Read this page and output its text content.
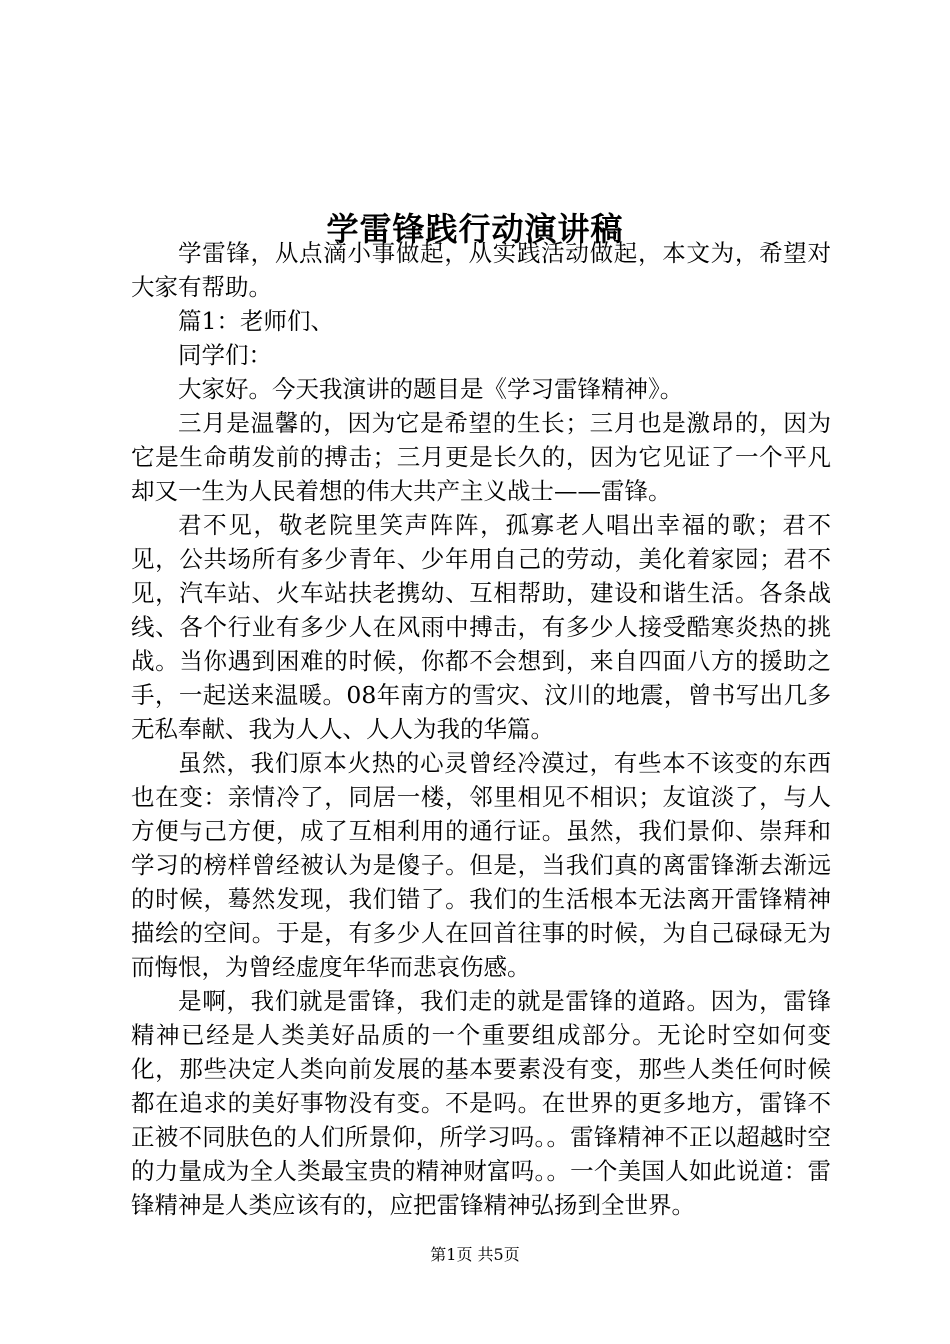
学雷锋践行动演讲稿

学雷锋，从点滴小事做起，从实践活动做起，本文为，希望对大家有帮助。

篇1：老师们、

同学们：

大家好。今天我演讲的题目是《学习雷锋精神》。

三月是温馨的，因为它是希望的生长；三月也是激昂的，因为它是生命萌发前的搏击；三月更是长久的，因为它见证了一个平凡却又一生为人民着想的伟大共产主义战士——雷锋。

君不见，敬老院里笑声阵阵，孤寡老人唱出幸福的歌；君不见，公共场所有多少青年、少年用自己的劳动，美化着家园；君不见，汽车站、火车站扶老携幼、互相帮助，建设和谐生活。各条战线、各个行业有多少人在风雨中搏击，有多少人接受酷寒炎热的挑战。当你遇到困难的时候，你都不会想到，来自四面八方的援助之手，一起送来温暖。08年南方的雪灾、汶川的地震，曾书写出几多无私奉献、我为人人、人人为我的华篇。

虽然，我们原本火热的心灵曾经冷漠过，有些本不该变的东西也在变：亲情冷了，同居一楼，邻里相见不相识；友谊淡了，与人方便与己方便，成了互相利用的通行证。虽然，我们景仰、崇拜和学习的榜样曾经被认为是傻子。但是，当我们真的离雷锋渐去渐远的时候，蓦然发现，我们错了。我们的生活根本无法离开雷锋精神描绘的空间。于是，有多少人在回首往事的时候，为自己碌碌无为而悔恨，为曾经虚度年华而悲哀伤感。

是啊，我们就是雷锋，我们走的就是雷锋的道路。因为，雷锋精神已经是人类美好品质的一个重要组成部分。无论时空如何变化，那些决定人类向前发展的基本要素没有变，那些人类任何时候都在追求的美好事物没有变。不是吗。在世界的更多地方，雷锋不正被不同肤色的人们所景仰，所学习吗。。雷锋精神不正以超越时空的力量成为全人类最宝贵的精神财富吗。。一个美国人如此说道：雷锋精神是人类应该有的，应把雷锋精神弘扬到全世界。

第1页 共5页
